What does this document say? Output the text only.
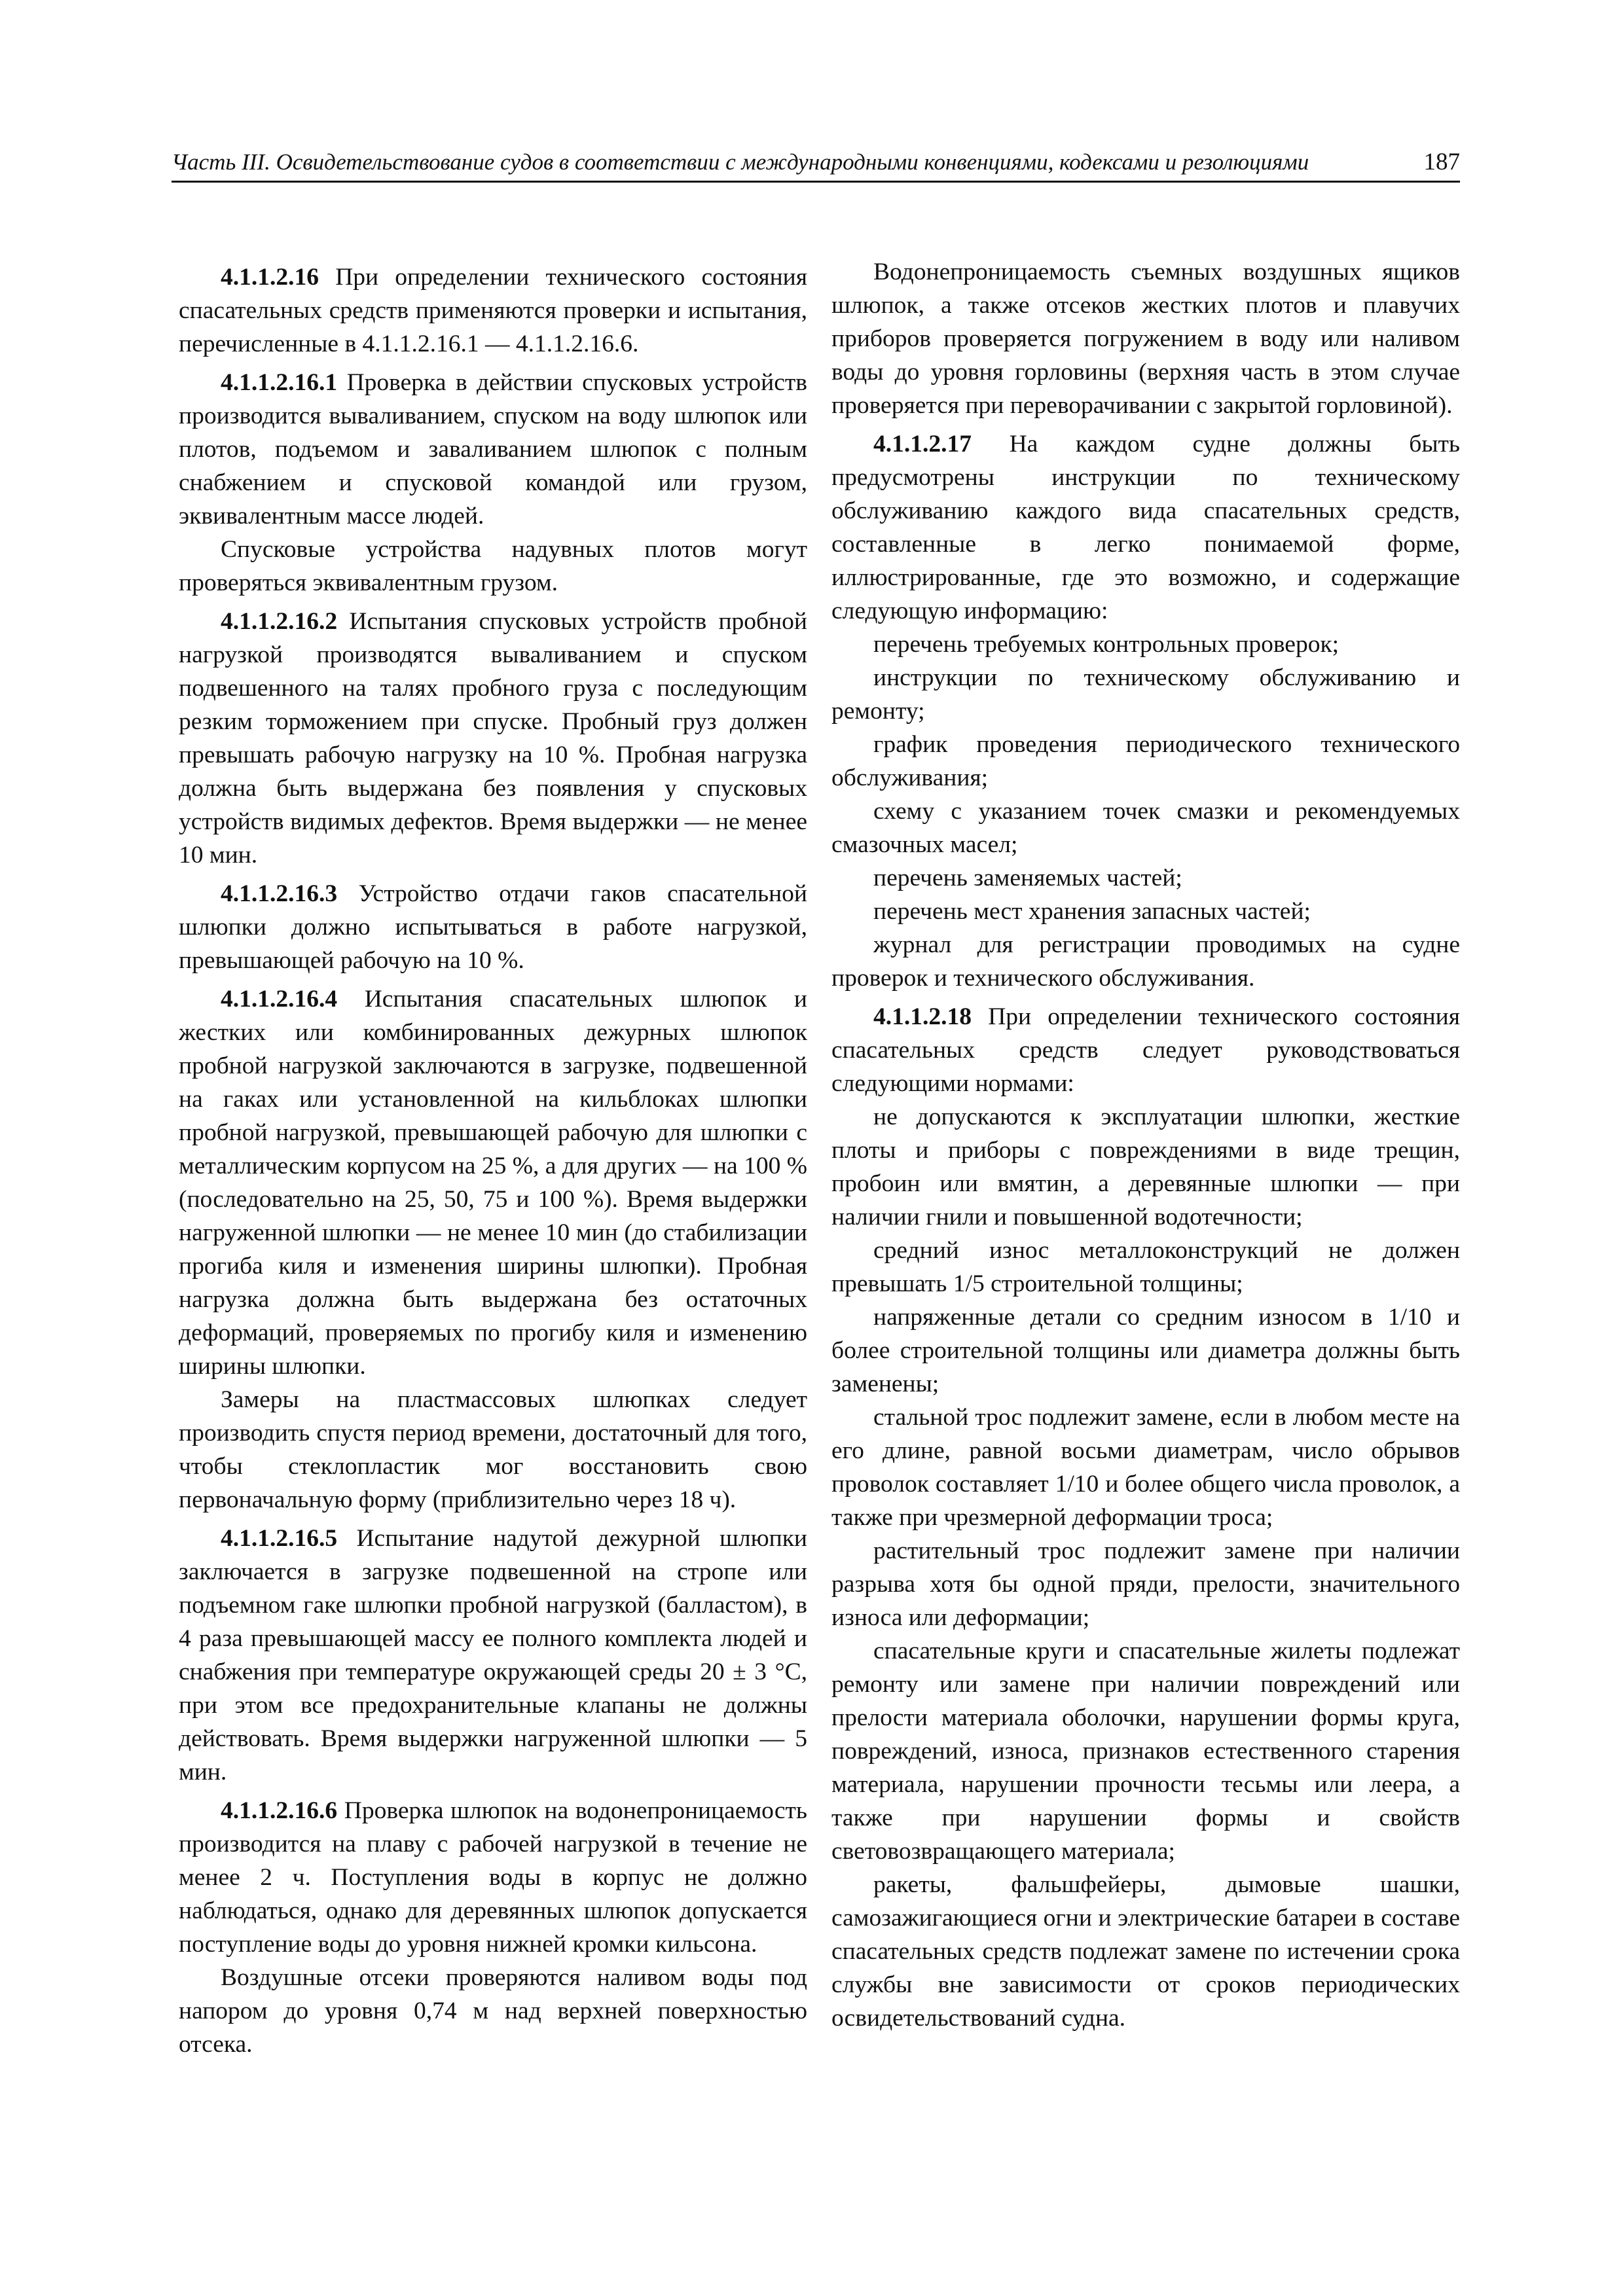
Часть III. Освидетельствование судов в соответствии с международными конвенциями, кодексами и резолюциями	187

4.1.1.2.16 При определении технического состояния спасательных средств применяются проверки и испытания, перечисленные в 4.1.1.2.16.1 — 4.1.1.2.16.6.

4.1.1.2.16.1 Проверка в действии спусковых устройств производится вываливанием, спуском на воду шлюпок или плотов, подъемом и заваливанием шлюпок с полным снабжением и спусковой командой или грузом, эквивалентным массе людей.

Спусковые устройства надувных плотов могут проверяться эквивалентным грузом.

4.1.1.2.16.2 Испытания спусковых устройств пробной нагрузкой производятся вываливанием и спуском подвешенного на талях пробного груза с последующим резким торможением при спуске. Пробный груз должен превышать рабочую нагрузку на 10 %. Пробная нагрузка должна быть выдержана без появления у спусковых устройств видимых дефектов. Время выдержки — не менее 10 мин.

4.1.1.2.16.3 Устройство отдачи гаков спасательной шлюпки должно испытываться в работе нагрузкой, превышающей рабочую на 10 %.

4.1.1.2.16.4 Испытания спасательных шлюпок и жестких или комбинированных дежурных шлюпок пробной нагрузкой заключаются в загрузке, подвешенной на гаках или установленной на кильблоках шлюпки пробной нагрузкой, превышающей рабочую для шлюпки с металлическим корпусом на 25 %, а для других — на 100 % (последовательно на 25, 50, 75 и 100 %). Время выдержки нагруженной шлюпки — не менее 10 мин (до стабилизации прогиба киля и изменения ширины шлюпки). Пробная нагрузка должна быть выдержана без остаточных деформаций, проверяемых по прогибу киля и изменению ширины шлюпки.

Замеры на пластмассовых шлюпках следует производить спустя период времени, достаточный для того, чтобы стеклопластик мог восстановить свою первоначальную форму (приблизительно через 18 ч).

4.1.1.2.16.5 Испытание надутой дежурной шлюпки заключается в загрузке подвешенной на стропе или подъемном гаке шлюпки пробной нагрузкой (балластом), в 4 раза превышающей массу ее полного комплекта людей и снабжения при температуре окружающей среды 20 ± 3 °С, при этом все предохранительные клапаны не должны действовать. Время выдержки нагруженной шлюпки — 5 мин.

4.1.1.2.16.6 Проверка шлюпок на водонепроницаемость производится на плаву с рабочей нагрузкой в течение не менее 2 ч. Поступления воды в корпус не должно наблюдаться, однако для деревянных шлюпок допускается поступление воды до уровня нижней кромки кильсона.

Воздушные отсеки проверяются наливом воды под напором до уровня 0,74 м над верхней поверхностью отсека.

Водонепроницаемость съемных воздушных ящиков шлюпок, а также отсеков жестких плотов и плавучих приборов проверяется погружением в воду или наливом воды до уровня горловины (верхняя часть в этом случае проверяется при переворачивании с закрытой горловиной).

4.1.1.2.17 На каждом судне должны быть предусмотрены инструкции по техническому обслуживанию каждого вида спасательных средств, составленные в легко понимаемой форме, иллюстрированные, где это возможно, и содержащие следующую информацию:

перечень требуемых контрольных проверок;

инструкции по техническому обслуживанию и ремонту;

график проведения периодического технического обслуживания;

схему с указанием точек смазки и рекомендуемых смазочных масел;

перечень заменяемых частей;

перечень мест хранения запасных частей;

журнал для регистрации проводимых на судне проверок и технического обслуживания.

4.1.1.2.18 При определении технического состояния спасательных средств следует руководствоваться следующими нормами:

не допускаются к эксплуатации шлюпки, жесткие плоты и приборы с повреждениями в виде трещин, пробоин или вмятин, а деревянные шлюпки — при наличии гнили и повышенной водотечности;

средний износ металлоконструкций не должен превышать 1/5 строительной толщины;

напряженные детали со средним износом в 1/10 и более строительной толщины или диаметра должны быть заменены;

стальной трос подлежит замене, если в любом месте на его длине, равной восьми диаметрам, число обрывов проволок составляет 1/10 и более общего числа проволок, а также при чрезмерной деформации троса;

растительный трос подлежит замене при наличии разрыва хотя бы одной пряди, прелости, значительного износа или деформации;

спасательные круги и спасательные жилеты подлежат ремонту или замене при наличии повреждений или прелости материала оболочки, нарушении формы круга, повреждений, износа, признаков естественного старения материала, нарушении прочности тесьмы или леера, а также при нарушении формы и свойств световозвращающего материала;

ракеты, фальшфейеры, дымовые шашки, самозажигающиеся огни и электрические батареи в составе спасательных средств подлежат замене по истечении срока службы вне зависимости от сроков периодических освидетельствований судна.
